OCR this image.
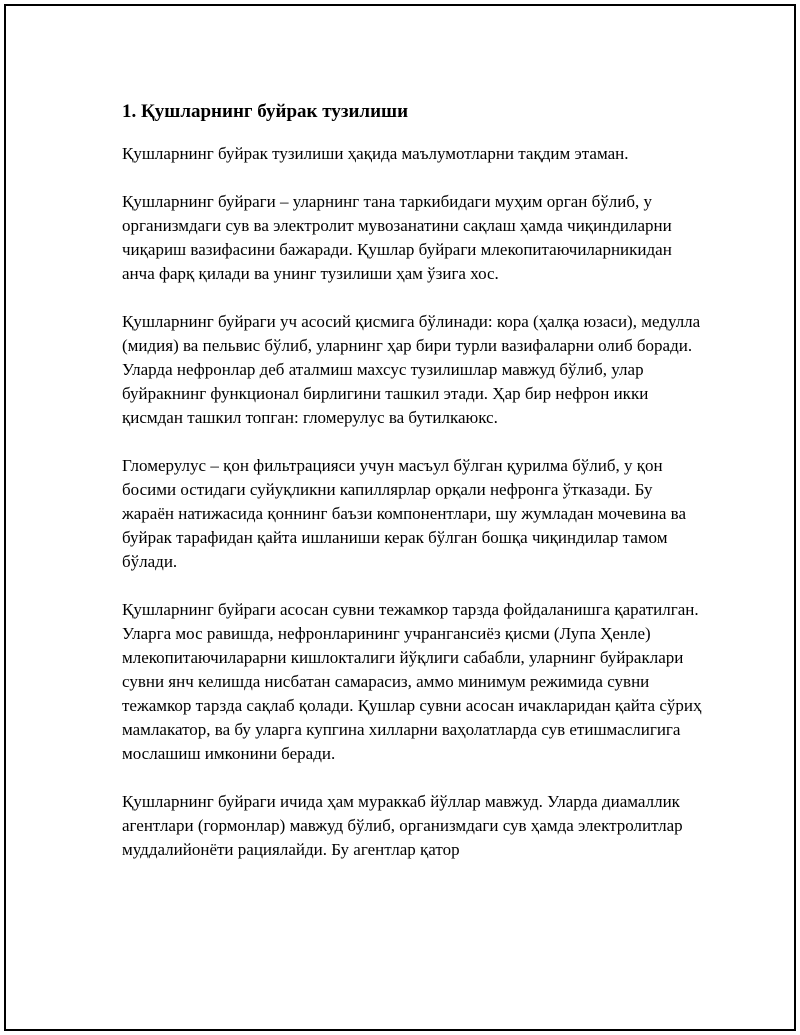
1. Қушларнинг буйрак тузилиши

Қушларнинг буйрак тузилиши ҳақида маълумотларни тақдим этаман.

Қушларнинг буйраги – уларнинг тана таркибидаги муҳим орган бўлиб, у организмдаги сув ва электролит мувозанатини сақлаш ҳамда чиқиндиларни чиқариш вазифасини бажаради. Қушлар буйраги млекопитаючиларникидан анча фарқ қилади ва унинг тузилиши ҳам ўзига хос.

Қушларнинг буйраги уч асосий қисмига бўлинади: кора (ҳалқа юзаси), медулла (мидия) ва пельвис бўлиб, уларнинг ҳар бири турли вазифаларни олиб боради. Уларда нефронлар деб аталмиш махсус тузилишлар мавжуд бўлиб, улар буйракнинг функционал бирлигини ташкил этади. Ҳар бир нефрон икки қисмдан ташкил топган: гломерулус ва бутилкаюкс.

Гломерулус – қон фильтрацияси учун масъул бўлган қурилма бўлиб, у қон босими остидаги суйуқликни капиллярлар орқали нефронга ўтказади. Бу жараён натижасида қоннинг баъзи компонентлари, шу жумладан мочевина ва буйрак тарафидан қайта ишланиши керак бўлган бошқа чиқиндилар тамом бўлади.

Қушларнинг буйраги асосан сувни тежамкор тарзда фойдаланишга қаратилган. Уларга мос равишда, нефронларининг учрангансиёз қисми (Лупа Ҳенле) млекопитаючиларарни кишлокталиги йўқлиги сабабли, уларнинг буйраклари сувни янч келишда нисбатан самарасиз, аммо минимум режимида сувни тежамкор тарзда сақлаб қолади. Қушлар сувни асосан ичакларидан қайта сўриҳ мамлакатор, ва бу уларга купгина хилларни ваҳолатларда сув етишмаслигига мослашиш имконини беради.

Қушларнинг буйраги ичида ҳам мураккаб йўллар мавжуд. Уларда диамаллик агентлари (гормонлар) мавжуд бўлиб, организмдаги сув ҳамда электролитлар муддалийонёти рациялайди. Бу агентлар қатор
